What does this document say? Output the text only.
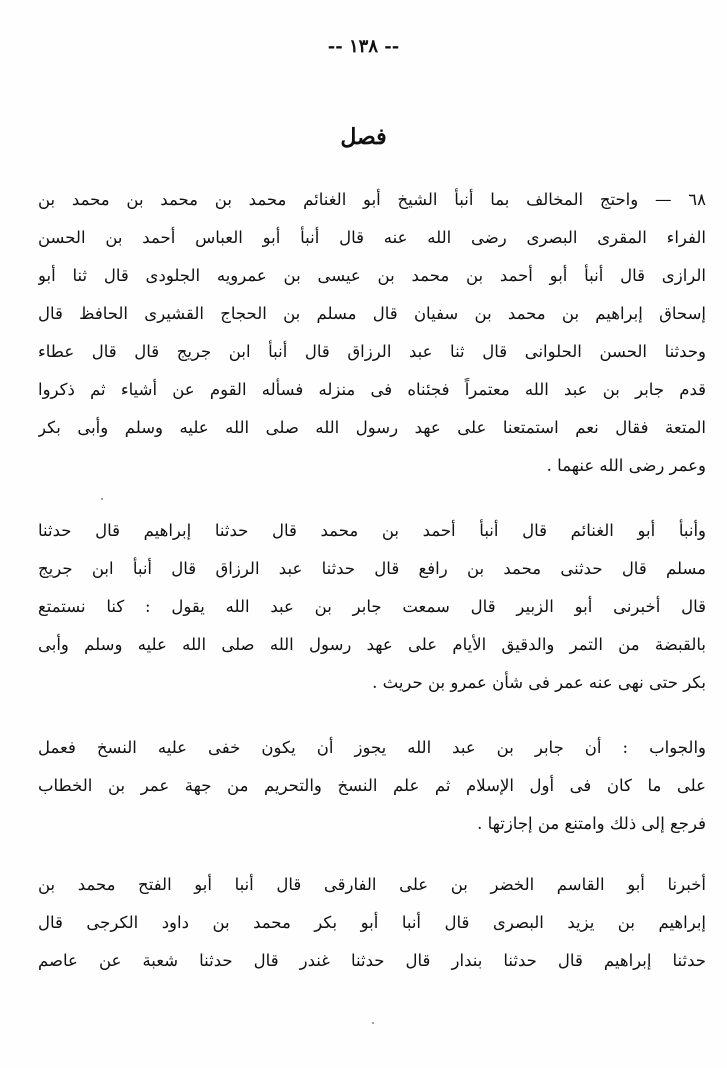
-- ١٣٨ --
فصل
٦٨ — واحتج المخالف بما أنبأ الشيخ أبو الغنائم محمد بن محمد بن محمد بن
الفراء المقرى البصرى رضى الله عنه قال أنبأ أبو العباس أحمد بن الحسن
الرازى قال أنبأ أبو أحمد بن محمد بن عيسى بن عمرويه الجلودى قال ثنا أبو
إسحاق إبراهيم بن محمد بن سفيان قال مسلم بن الحجاج القشيرى الحافظ قال
وحدثنا الحسن الحلوانى قال ثنا عبد الرزاق قال أنبأ ابن جريج قال قال عطاء
قدم جابر بن عبد الله معتمراً فجئناه فى منزله فسأله القوم عن أشياء ثم ذكروا
المتعة فقال نعم استمتعنا على عهد رسول الله صلى الله عليه وسلم وأبى بكر
وعمر رضى الله عنهما .
وأنبأ أبو الغنائم قال أنبأ أحمد بن محمد قال حدثنا إبراهيم قال حدثنا
مسلم قال حدثنى محمد بن رافع قال حدثنا عبد الرزاق قال أنبأ ابن جريج
قال أخبرنى أبو الزبير قال سمعت جابر بن عبد الله يقول : كنا نستمتع
بالقبضة من التمر والدقيق الأيام على عهد رسول الله صلى الله عليه وسلم وأبى
بكر حتى نهى عنه عمر فى شأن عمرو بن حريث .
والجواب : أن جابر بن عبد الله يجوز أن يكون خفى عليه النسخ فعمل
على ما كان فى أول الإسلام ثم علم النسخ والتحريم من جهة عمر بن الخطاب
فرجع إلى ذلك وامتنع من إجازتها .
أخبرنا أبو القاسم الخضر بن على الفارقى قال أنبا أبو الفتح محمد بن
إبراهيم بن يزيد البصرى قال أنبا أبو بكر محمد بن داود الكرجى قال
حدثنا إبراهيم قال حدثنا بندار قال حدثنا غندر قال حدثنا شعبة عن عاصم
